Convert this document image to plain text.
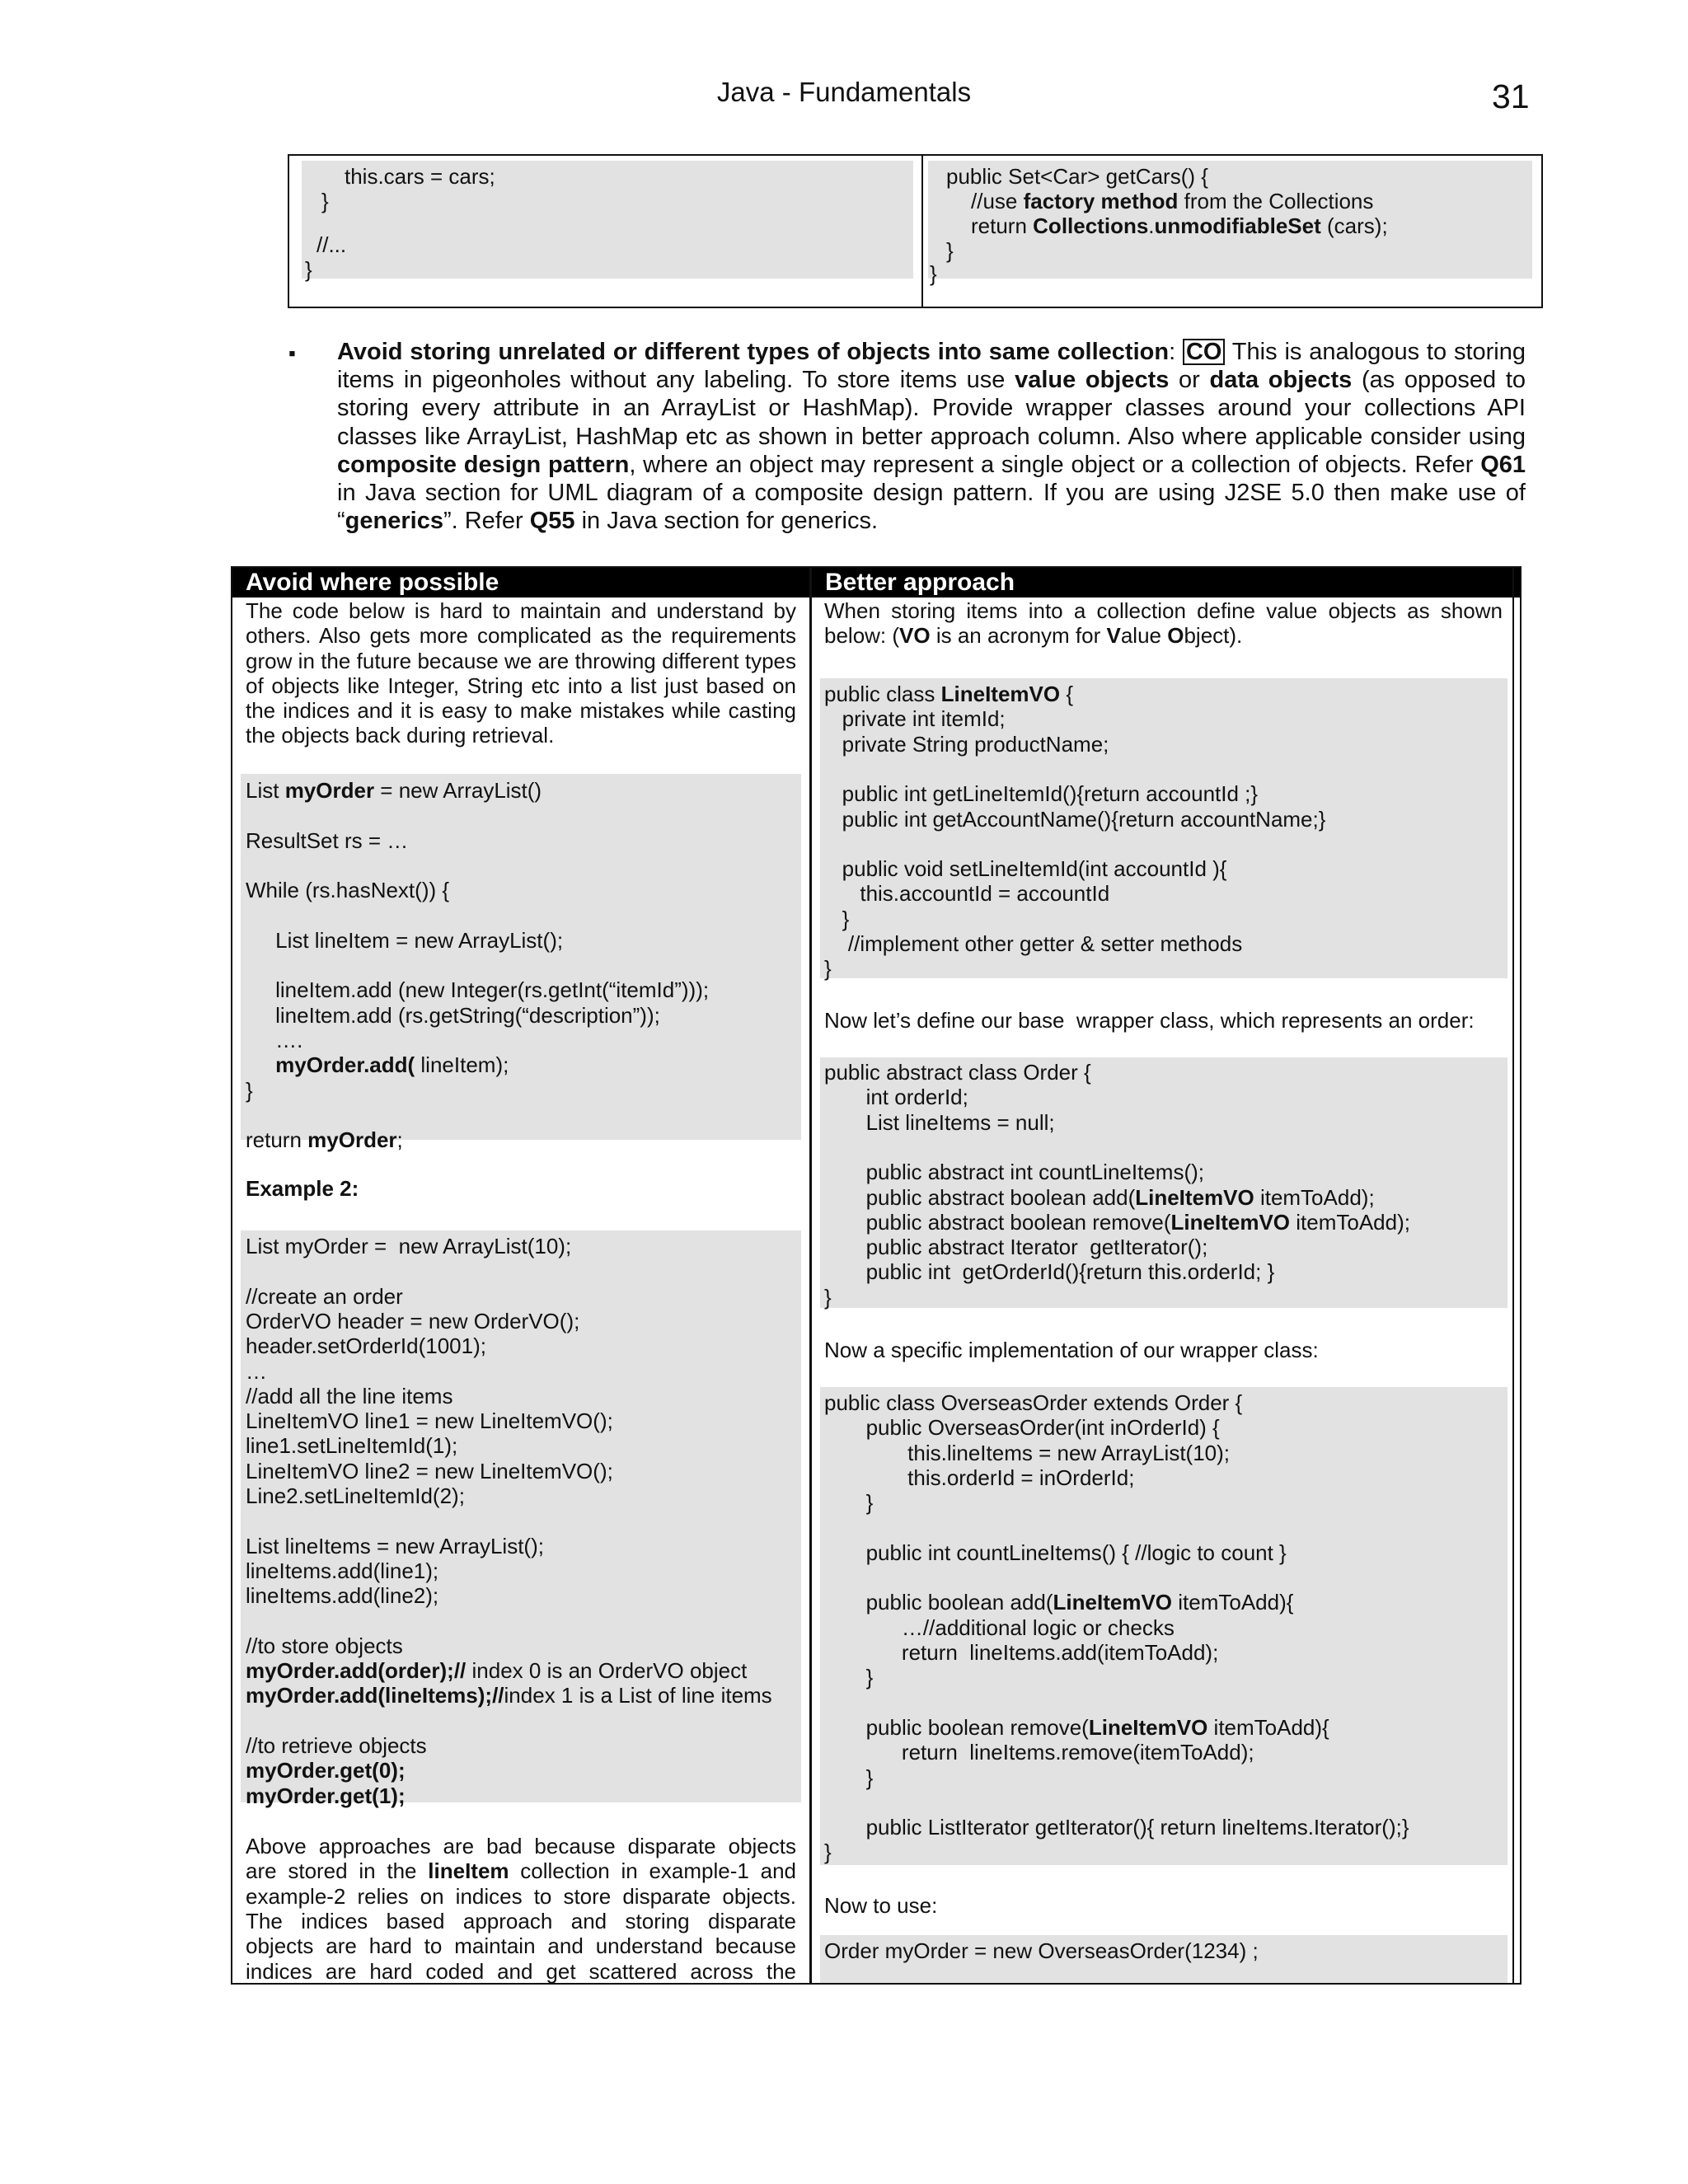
Java - Fundamentals	31
this.cars = cars;
}
//...
}
public Set<Car> getCars() {
//use factory method from the Collections
return Collections.unmodifiableSet (cars);
}
}
▪ Avoid storing unrelated or different types of objects into same collection: CO This is analogous to storing items in pigeonholes without any labeling. To store items use value objects or data objects (as opposed to storing every attribute in an ArrayList or HashMap). Provide wrapper classes around your collections API classes like ArrayList, HashMap etc as shown in better approach column. Also where applicable consider using composite design pattern, where an object may represent a single object or a collection of objects. Refer Q61 in Java section for UML diagram of a composite design pattern. If you are using J2SE 5.0 then make use of “generics”. Refer Q55 in Java section for generics.
Avoid where possible	Better approach
The code below is hard to maintain and understand by others. Also gets more complicated as the requirements grow in the future because we are throwing different types of objects like Integer, String etc into a list just based on the indices and it is easy to make mistakes while casting the objects back during retrieval.
List myOrder = new ArrayList()
ResultSet rs = …
While (rs.hasNext()) {
List lineItem = new ArrayList();
lineItem.add (new Integer(rs.getInt(“itemId”)));
lineItem.add (rs.getString(“description”));
….
myOrder.add( lineItem);
}
return myOrder;
Example 2:
List myOrder =  new ArrayList(10);
//create an order
OrderVO header = new OrderVO();
header.setOrderId(1001);
…
//add all the line items
LineItemVO line1 = new LineItemVO();
line1.setLineItemId(1);
LineItemVO line2 = new LineItemVO();
Line2.setLineItemId(2);
List lineItems = new ArrayList();
lineItems.add(line1);
lineItems.add(line2);
//to store objects
myOrder.add(order);// index 0 is an OrderVO object
myOrder.add(lineItems);//index 1 is a List of line items
//to retrieve objects
myOrder.get(0);
myOrder.get(1);
Above approaches are bad because disparate objects
are stored in the lineItem collection in example-1 and
example-2 relies on indices to store disparate objects.
The indices based approach and storing disparate
objects are hard to maintain and understand because
indices are hard coded and get scattered across the
When storing items into a collection define value objects as shown
below: (VO is an acronym for Value Object).
public class LineItemVO {
private int itemId;
private String productName;
public int getLineItemId(){return accountId ;}
public int getAccountName(){return accountName;}
public void setLineItemId(int accountId ){
this.accountId = accountId
}
//implement other getter & setter methods
}
Now let’s define our base  wrapper class, which represents an order:
public abstract class Order {
int orderId;
List lineItems = null;
public abstract int countLineItems();
public abstract boolean add(LineItemVO itemToAdd);
public abstract boolean remove(LineItemVO itemToAdd);
public abstract Iterator  getIterator();
public int  getOrderId(){return this.orderId; }
}
Now a specific implementation of our wrapper class:
public class OverseasOrder extends Order {
public OverseasOrder(int inOrderId) {
this.lineItems = new ArrayList(10);
this.orderId = inOrderId;
}
public int countLineItems() { //logic to count }
public boolean add(LineItemVO itemToAdd){
…//additional logic or checks
return  lineItems.add(itemToAdd);
}
public boolean remove(LineItemVO itemToAdd){
return  lineItems.remove(itemToAdd);
}
public ListIterator getIterator(){ return lineItems.Iterator();}
}
Now to use:
Order myOrder = new OverseasOrder(1234) ;
